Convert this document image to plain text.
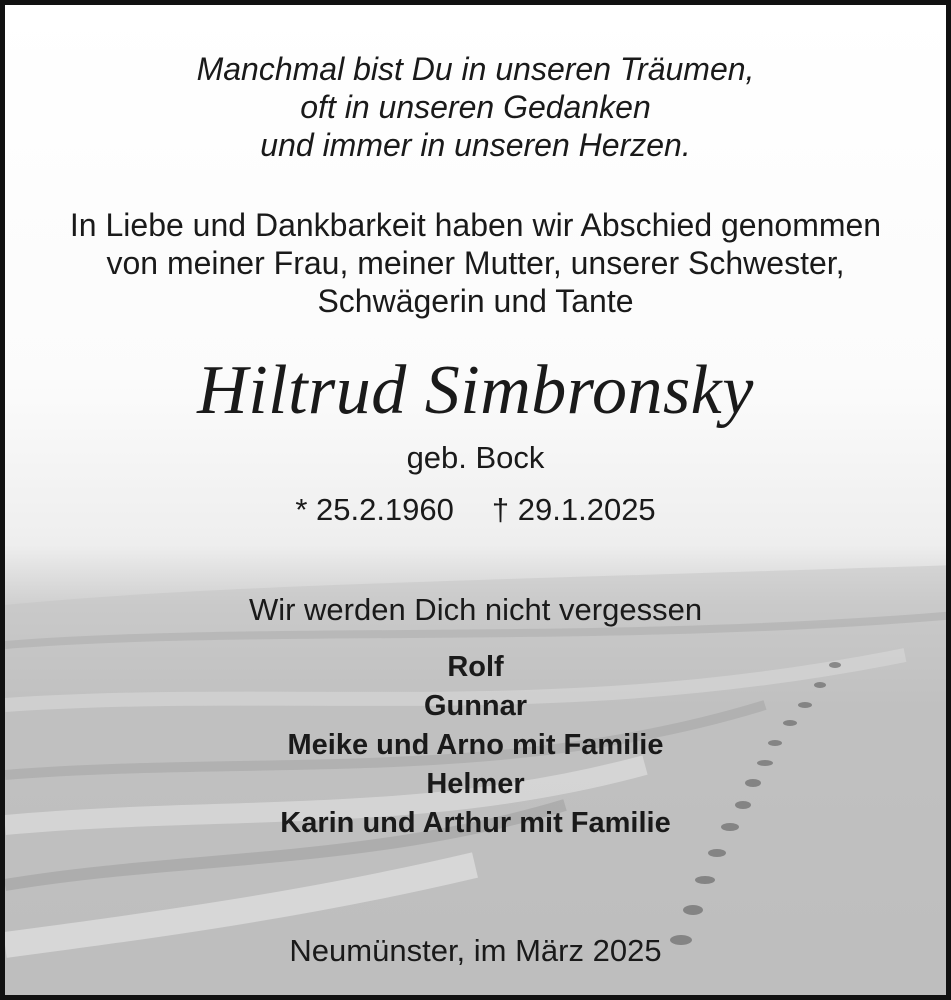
Manchmal bist Du in unseren Träumen,
oft in unseren Gedanken
und immer in unseren Herzen.
In Liebe und Dankbarkeit haben wir Abschied genommen
von meiner Frau, meiner Mutter, unserer Schwester,
Schwägerin und Tante
Hiltrud Simbronsky
geb. Bock
* 25.2.1960 † 29.1.2025
Wir werden Dich nicht vergessen
Rolf
Gunnar
Meike und Arno mit Familie
Helmer
Karin und Arthur mit Familie
Neumünster, im März 2025
